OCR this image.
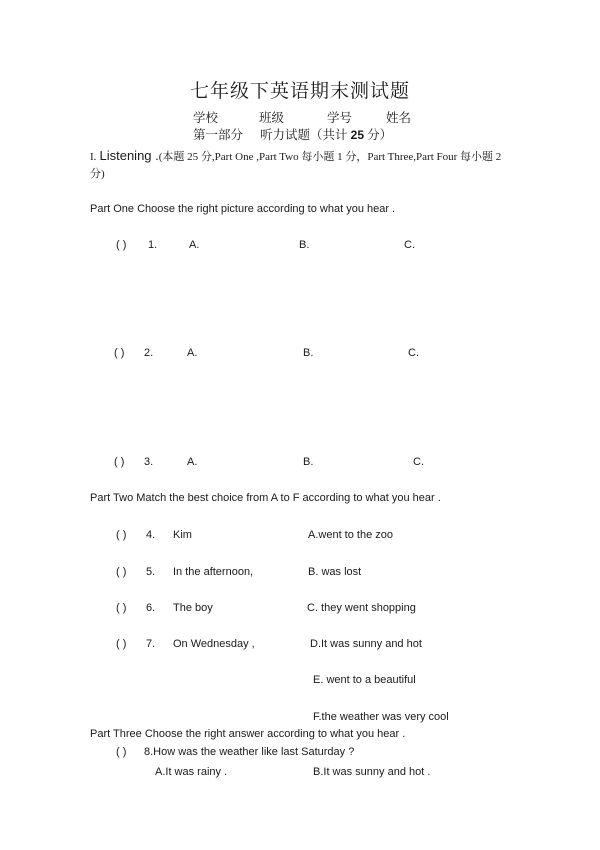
七年级下英语期末测试题
学校	班级	学号	姓名
第一部分 听力试题（共计 25 分）
I. Listening .(本题 25 分,Part One ,Part Two 每小题 1 分，Part Three,Part Four 每小题 2
分)
Part One Choose the right picture according to what you hear .
( ) 1.	A.	B.	C.
( ) 2.	A.	B.	C.
( ) 3.	A.	B.	C.
Part Two Match the best choice from A to F according to what you hear .
( ) 4. Kim	A.went to the zoo
( ) 5. In the afternoon,	B. was lost
( ) 6. The boy	C. they went shopping
( ) 7. On Wednesday ,	D.It was sunny and hot
E. went to a beautiful
F.the weather was very cool
Part Three Choose the right answer according to what you hear .
( ) 8.How was the weather like last Saturday ?
A.It was rainy .	B.It was sunny and hot .
